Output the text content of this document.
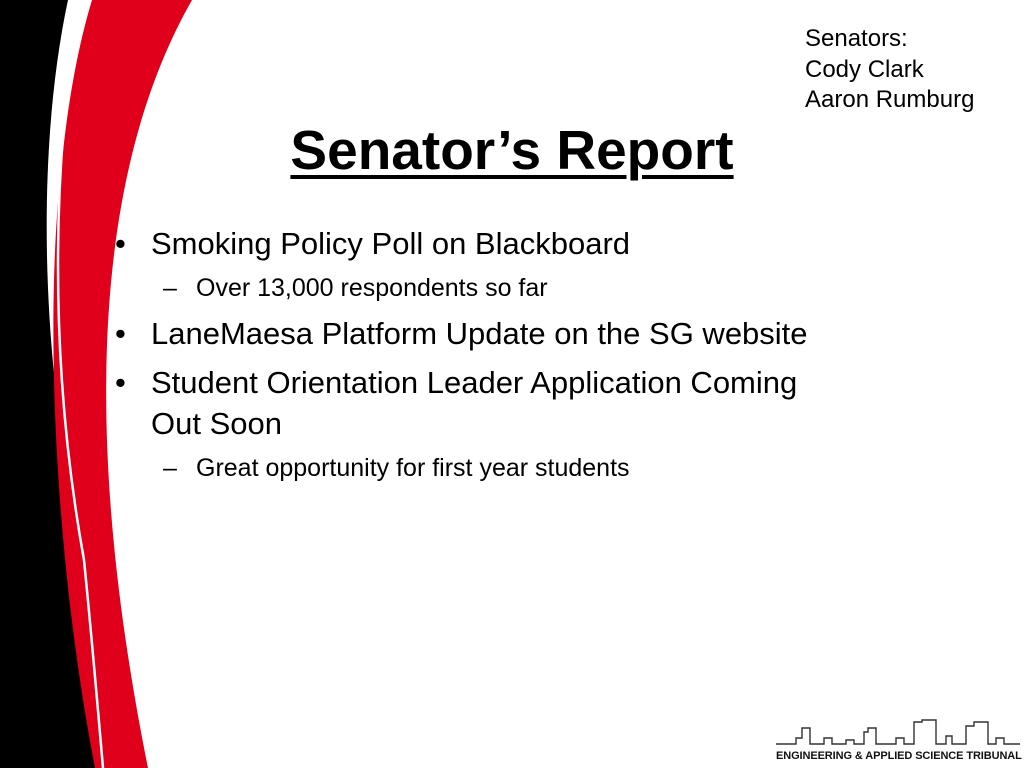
Senators:
Cody Clark
Aaron Rumburg
Senator’s Report
• Smoking Policy Poll on Blackboard
– Over 13,000 respondents so far
• LaneMaesa Platform Update on the SG website
• Student Orientation Leader Application Coming
Out Soon
– Great opportunity for first year students
ENGINEERING & APPLIED SCIENCE TRIBUNAL
